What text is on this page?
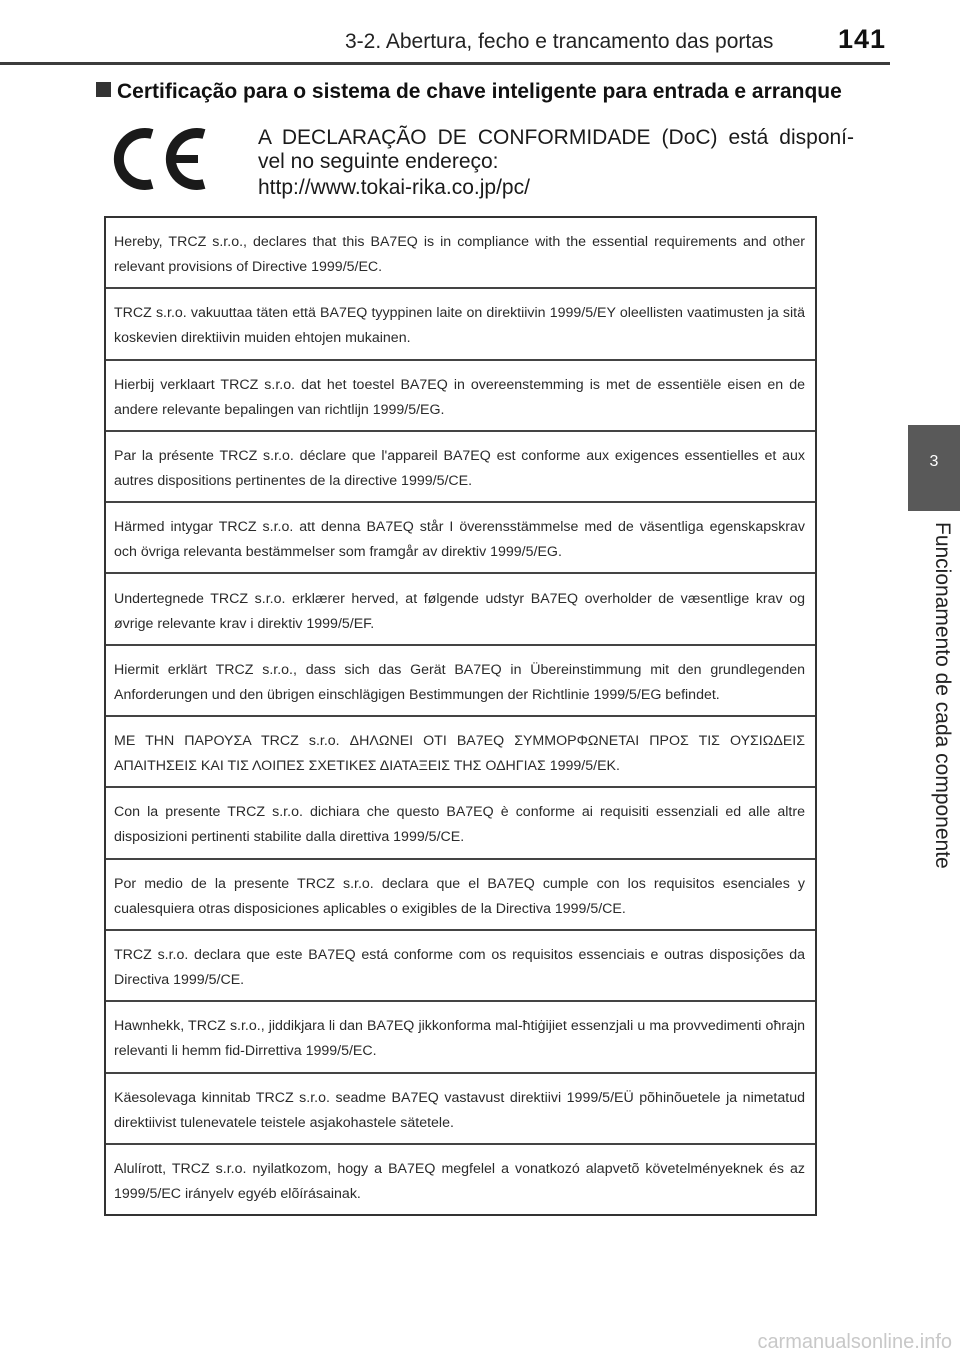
3-2. Abertura, fecho e trancamento das portas 141
3
Funcionamento de cada componente
Certificação para o sistema de chave inteligente para entrada e arranque

A DECLARAÇÃO DE CONFORMIDADE (DoC) está disponí- vel no seguinte endereço:

http://www.tokai-rika.co.jp/pc/

Hereby, TRCZ s.r.o., declares that this BA7EQ is in compliance with the essential requirements and other relevant provisions of Directive 1999/5/EC.

TRCZ s.r.o. vakuuttaa täten että BA7EQ tyyppinen laite on direktiivin 1999/5/EY oleellisten vaatimusten ja sitä koskevien direktiivin muiden ehtojen mukainen.

Hierbij verklaart TRCZ s.r.o. dat het toestel BA7EQ in overeenstemming is met de essentiële eisen en de andere relevante bepalingen van richtlijn 1999/5/EG.

Par la présente TRCZ s.r.o. déclare que l'appareil BA7EQ est conforme aux exigences essentielles et aux autres dispositions pertinentes de la directive 1999/5/CE.

Härmed intygar TRCZ s.r.o. att denna BA7EQ står I överensstämmelse med de väsentliga egenskapskrav och övriga relevanta bestämmelser som framgår av direktiv 1999/5/EG.

Undertegnede TRCZ s.r.o. erklærer herved, at følgende udstyr BA7EQ overholder de væsentlige krav og øvrige relevante krav i direktiv 1999/5/EF.

Hiermit erklärt TRCZ s.r.o., dass sich das Gerät BA7EQ in Übereinstimmung mit den grundlegenden Anforderungen und den übrigen einschlägigen Bestimmungen der Richtlinie 1999/5/EG befindet.

ΜΕ ΤΗΝ ΠΑΡΟΥΣΑ TRCZ s.r.o. ΔΗΛΩΝΕΙ ΟΤΙ BA7EQ ΣΥΜΜΟΡΦΩΝΕΤΑΙ ΠΡΟΣ ΤΙΣ ΟΥΣΙΩΔΕΙΣ ΑΠΑΙΤΗΣΕΙΣ ΚΑΙ ΤΙΣ ΛΟΙΠΕΣ ΣΧΕΤΙΚΕΣ ΔΙΑΤΑΞΕΙΣ ΤΗΣ ΟΔΗΓΙΑΣ 1999/5/ΕΚ.

Con la presente TRCZ s.r.o. dichiara che questo BA7EQ è conforme ai requisiti essenziali ed alle altre disposizioni pertinenti stabilite dalla direttiva 1999/5/CE.

Por medio de la presente TRCZ s.r.o. declara que el BA7EQ cumple con los requisitos esenciales y cualesquiera otras disposiciones aplicables o exigibles de la Directiva 1999/5/CE.

TRCZ s.r.o. declara que este BA7EQ está conforme com os requisitos essenciais e outras disposições da Directiva 1999/5/CE.

Hawnhekk, TRCZ s.r.o., jiddikjara li dan BA7EQ jikkonforma mal-ħtiġijiet essenzjali u ma provvedimenti oħrajn relevanti li hemm fid-Dirrettiva 1999/5/EC.

Käesolevaga kinnitab TRCZ s.r.o. seadme BA7EQ vastavust direktiivi 1999/5/EÜ põhinõuetele ja nimetatud direktiivist tulenevatele teistele asjakohastele sätetele.

Alulírott, TRCZ s.r.o. nyilatkozom, hogy a BA7EQ megfelel a vonatkozó alapvetõ követelményeknek és az 1999/5/EC irányelv egyéb elõírásainak.

carmanualsonline.info
